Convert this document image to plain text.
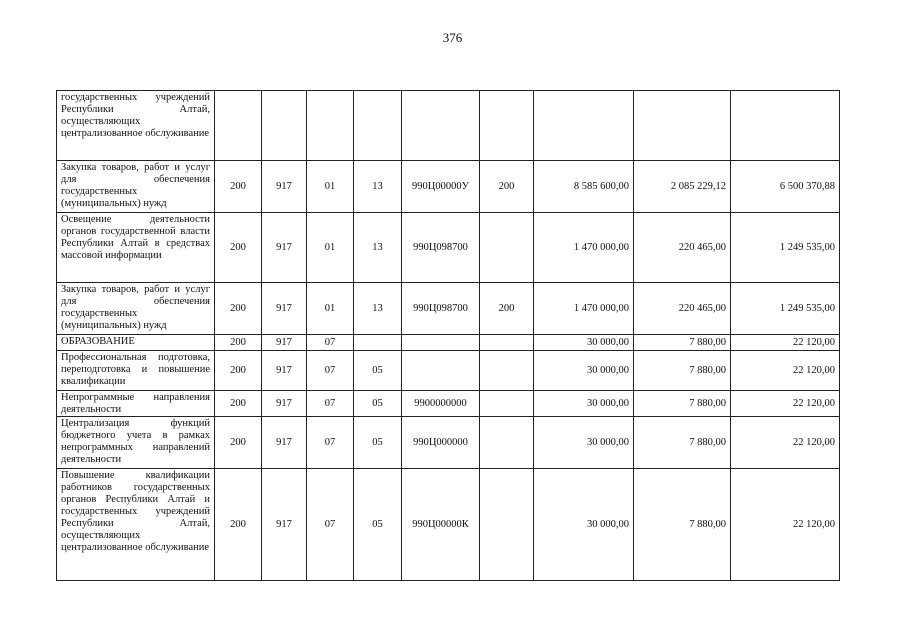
376
государственных учреждений Республики Алтай, осуществляющих централизованное обслуживание									
Закупка товаров, работ и услуг для обеспечения государственных (муниципальных) нужд	200	917	01	13	990Ц00000У	200	8 585 600,00	2 085 229,12	6 500 370,88
Освещение деятельности органов государственной власти Республики Алтай в средствах массовой информации	200	917	01	13	990Ц098700		1 470 000,00	220 465,00	1 249 535,00
Закупка товаров, работ и услуг для обеспечения государственных (муниципальных) нужд	200	917	01	13	990Ц098700	200	1 470 000,00	220 465,00	1 249 535,00
ОБРАЗОВАНИЕ	200	917	07				30 000,00	7 880,00	22 120,00
Профессиональная подготовка, переподготовка и повышение квалификации	200	917	07	05			30 000,00	7 880,00	22 120,00
Непрограммные направления деятельности	200	917	07	05	9900000000		30 000,00	7 880,00	22 120,00
Централизация функций бюджетного учета в рамках непрограммных направлений деятельности	200	917	07	05	990Ц000000		30 000,00	7 880,00	22 120,00
Повышение квалификации работников государственных органов Республики Алтай и государственных учреждений Республики Алтай, осуществляющих централизованное обслуживание	200	917	07	05	990Ц00000К		30 000,00	7 880,00	22 120,00
